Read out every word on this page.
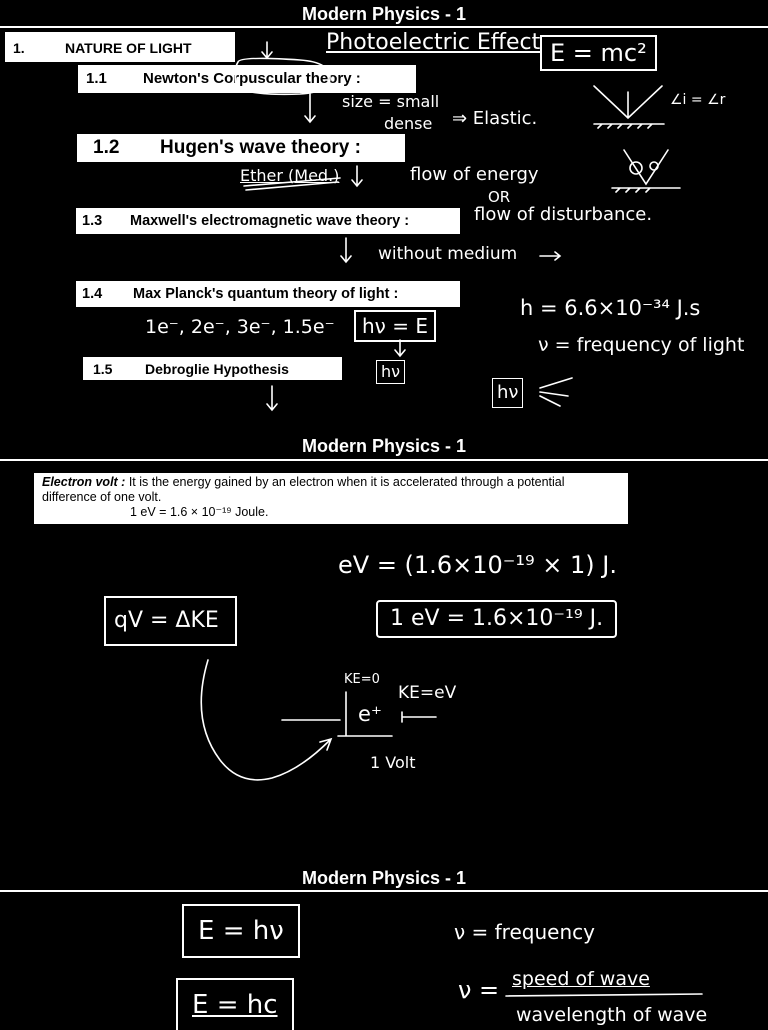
Modern Physics - 1
1.	NATURE OF LIGHT
1.1 Newton's Corpuscular theory :
1.2 Hugen's wave theory :
1.3 Maxwell's electromagnetic wave theory :
1.4 Max Planck's quantum theory of light :
1.5 Debroglie Hypothesis
Photoelectric Effect E = mc²
size = small
dense ⇒ Elastic.
∠i = ∠r
Ether (Med.)	flow of energy
OR
flow of disturbance.
without medium
1e⁻, 2e⁻, 3e⁻, 1.5e⁻	hν = E
hν
hν
h = 6.6×10⁻³⁴ J.s
ν = frequency of light
Modern Physics - 1
Electron volt : It is the energy gained by an electron when it is accelerated through a potential difference of one volt.
1 eV = 1.6 × 10⁻¹⁹ Joule.
eV = (1.6×10⁻¹⁹ × 1) J.
qV = ΔKE	1 eV = 1.6×10⁻¹⁹ J.
KE=0
KE=eV
e⁺
1 Volt
Modern Physics - 1
E = hν
E = hc
ν = frequency
ν = speed of wave
wavelength of wave
